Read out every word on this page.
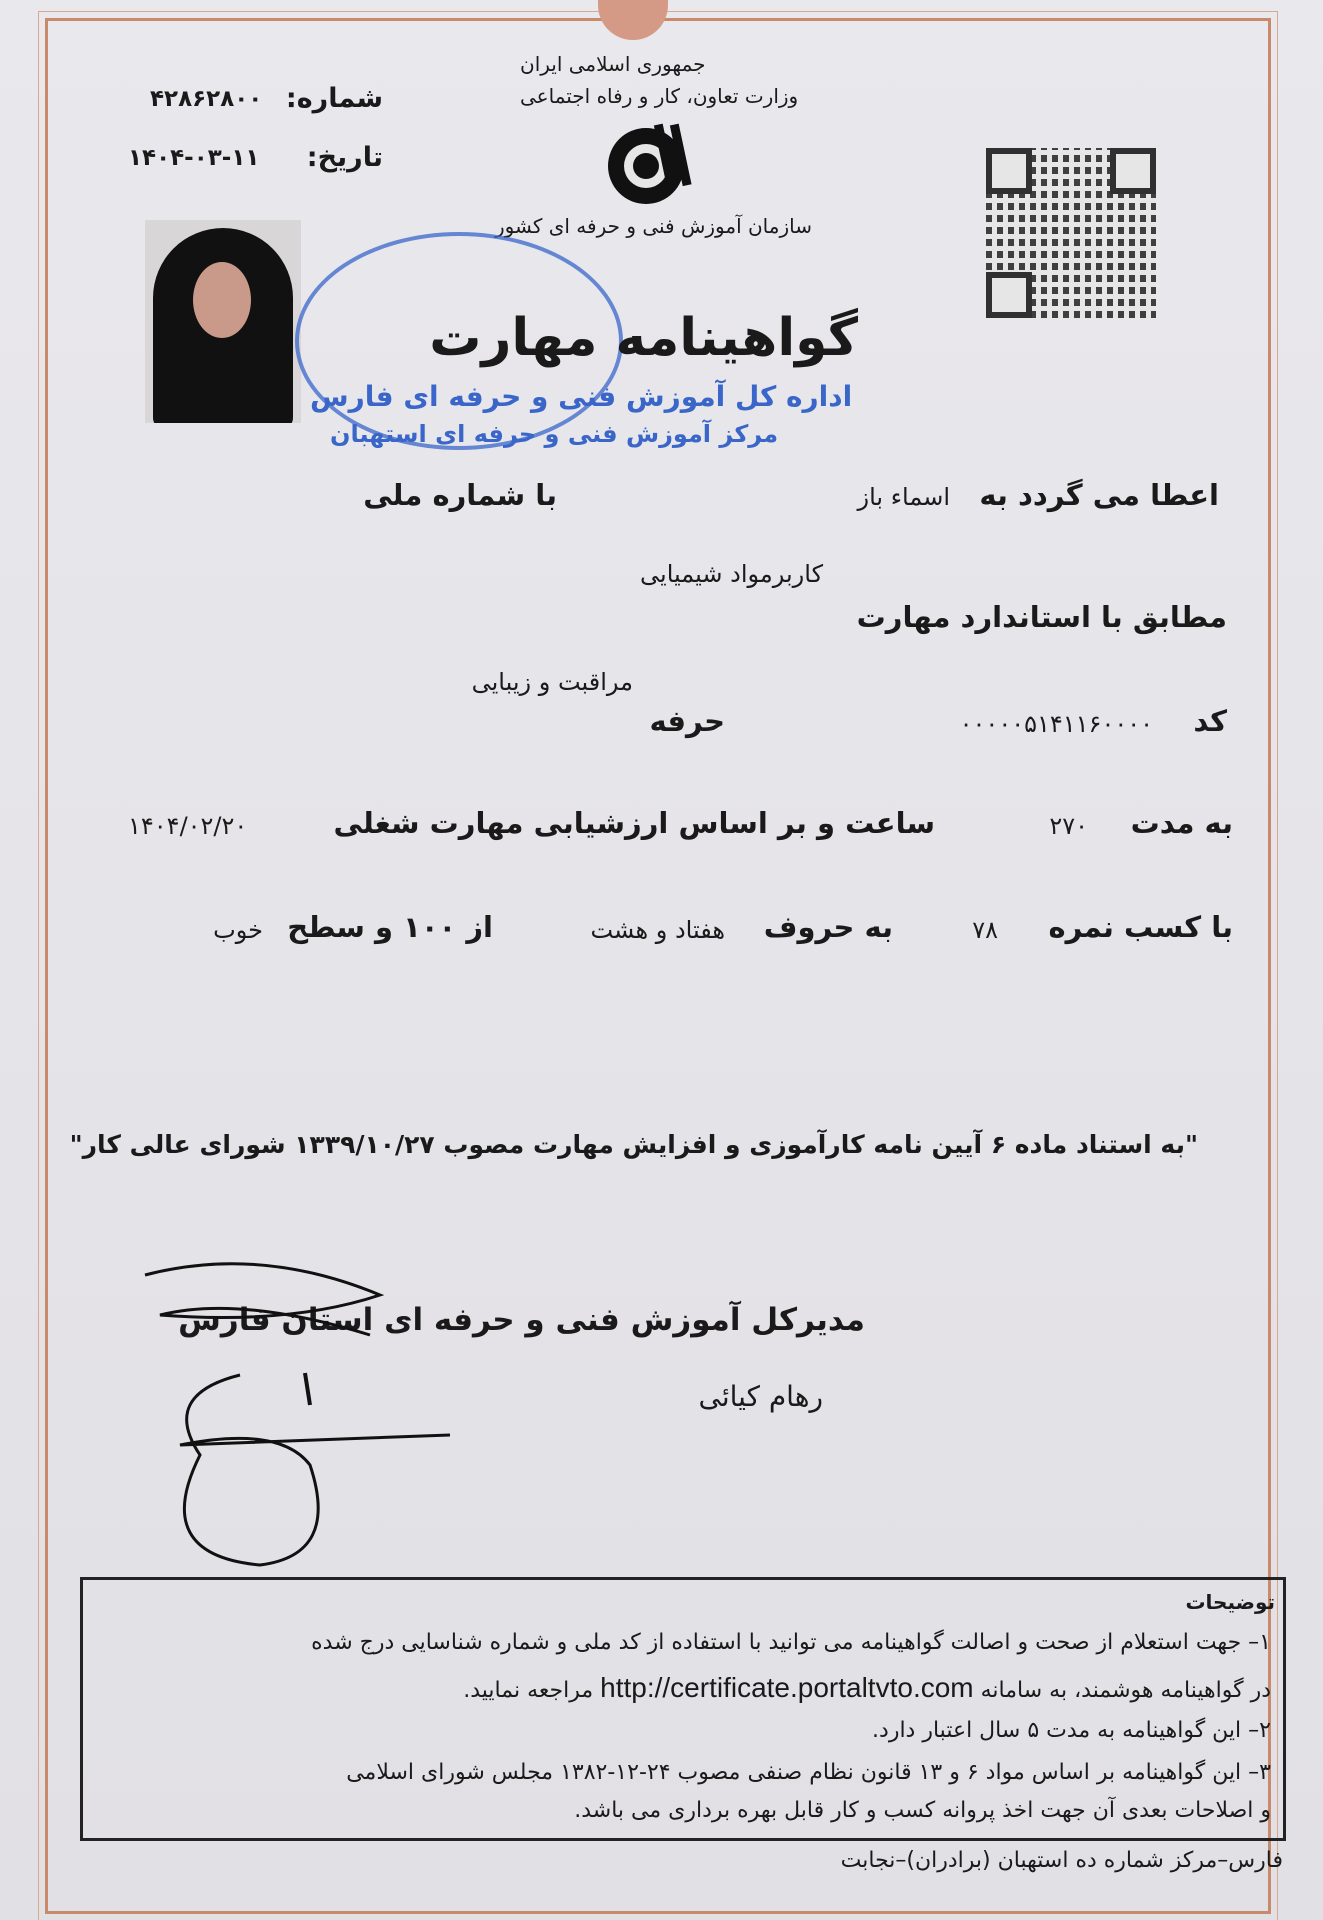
جمهوری اسلامی ایران
وزارت تعاون، کار و رفاه اجتماعی
سازمان آموزش فنی و حرفه ای کشور
شماره:
۴۲۸۶۲۸۰۰
تاریخ:
۱۴۰۴-۰۳-۱۱
اداره کل آموزش فنی و حرفه ای فارس
مرکز آموزش فنی و حرفه ای استهبان
گواهینامه مهارت
اعطا می گردد به
اسماء باز
با شماره ملی
مطابق با استاندارد مهارت
کاربرمواد شیمیایی
کد
۰۰۰۰۰۵۱۴۱۱۶۰۰۰۰
حرفه
مراقبت و زیبایی
به مدت
۲۷۰
ساعت و بر اساس ارزشیابی مهارت شغلی
۱۴۰۴/۰۲/۲۰
با کسب نمره
۷۸
به حروف
هفتاد و هشت
از ۱۰۰ و سطح
خوب
"به استناد ماده ۶ آیین نامه کارآموزی و افزایش مهارت مصوب ۱۳۳۹/۱۰/۲۷ شورای عالی کار"
مدیرکل آموزش فنی و حرفه ای استان فارس
رهام کیائی
توضیحات
۱– جهت استعلام از صحت و اصالت گواهینامه می توانید با استفاده از کد ملی و شماره شناسایی درج شده
در گواهینامه هوشمند، به سامانه http://certificate.portaltvto.com مراجعه نمایید.
۲– این گواهینامه به مدت ۵ سال اعتبار دارد.
۳– این گواهینامه بر اساس مواد ۶ و ۱۳ قانون نظام صنفی مصوب ۲۴-۱۲-۱۳۸۲ مجلس شورای اسلامی
و اصلاحات بعدی آن جهت اخذ پروانه کسب و کار قابل بهره برداری می باشد.
فارس–مرکز شماره ده استهبان (برادران)–نجابت
